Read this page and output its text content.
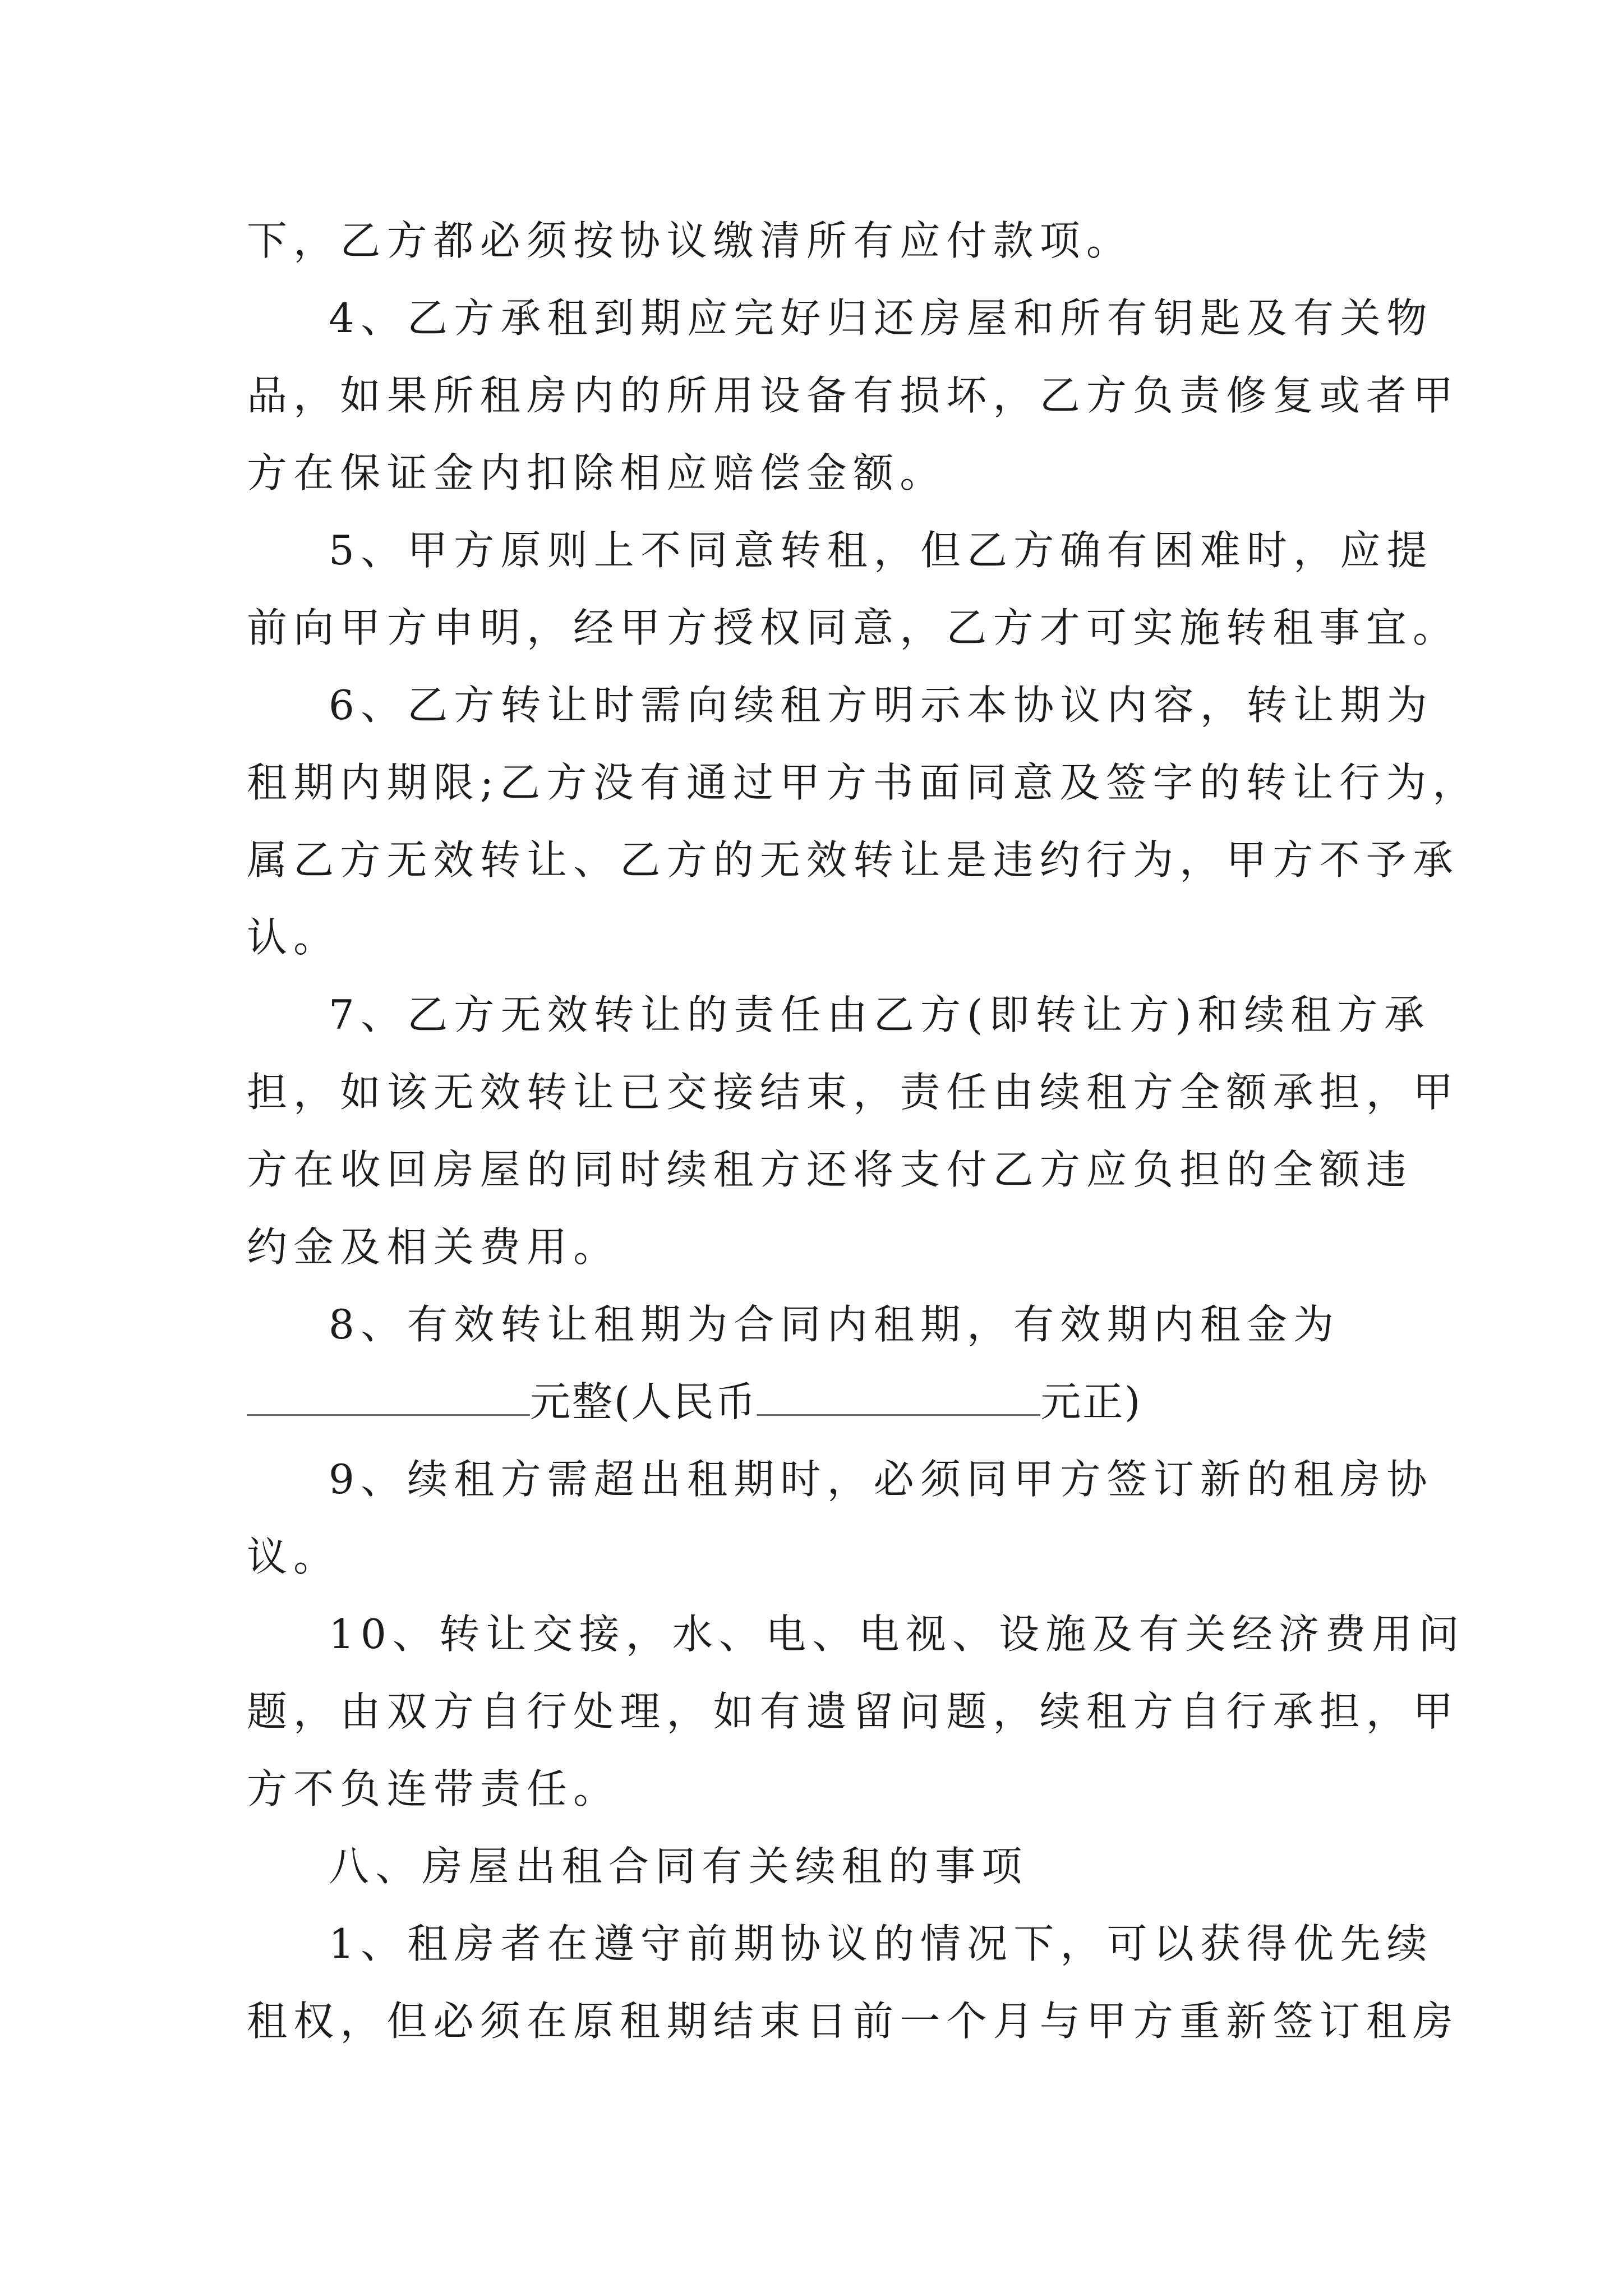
下，乙方都必须按协议缴清所有应付款项。
4、乙方承租到期应完好归还房屋和所有钥匙及有关物
品，如果所租房内的所用设备有损坏，乙方负责修复或者甲
方在保证金内扣除相应赔偿金额。
5、甲方原则上不同意转租，但乙方确有困难时，应提
前向甲方申明，经甲方授权同意，乙方才可实施转租事宜。
6、乙方转让时需向续租方明示本协议内容，转让期为
租期内期限;乙方没有通过甲方书面同意及签字的转让行为，
属乙方无效转让、乙方的无效转让是违约行为，甲方不予承
认。
7、乙方无效转让的责任由乙方(即转让方)和续租方承
担，如该无效转让已交接结束，责任由续租方全额承担，甲
方在收回房屋的同时续租方还将支付乙方应负担的全额违
约金及相关费用。
8、有效转让租期为合同内租期，有效期内租金为
元整(人民币	元正)
9、续租方需超出租期时，必须同甲方签订新的租房协
议。
10、转让交接，水、电、电视、设施及有关经济费用问
题，由双方自行处理，如有遗留问题，续租方自行承担，甲
方不负连带责任。
八、房屋出租合同有关续租的事项
1、租房者在遵守前期协议的情况下，可以获得优先续
租权，但必须在原租期结束日前一个月与甲方重新签订租房
